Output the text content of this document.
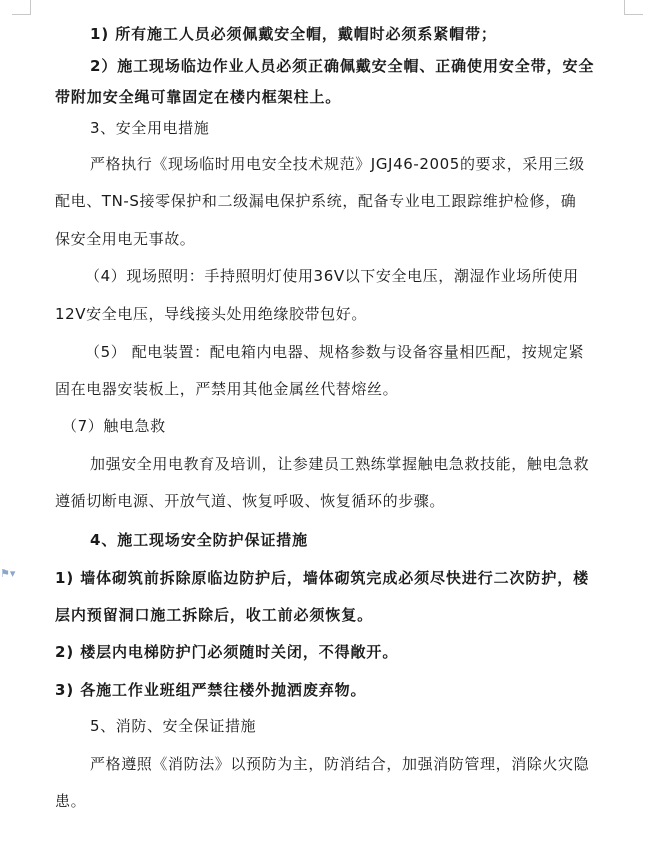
⚑▾
1) 所有施工人员必须佩戴安全帽，戴帽时必须系紧帽带；
2）施工现场临边作业人员必须正确佩戴安全帽、正确使用安全带，安全
带附加安全绳可靠固定在楼内框架柱上。
3、安全用电措施
严格执行《现场临时用电安全技术规范》JGJ46-2005的要求，采用三级
配电、TN-S接零保护和二级漏电保护系统，配备专业电工跟踪维护检修，确
保安全用电无事故。
（4）现场照明：手持照明灯使用36V以下安全电压，潮湿作业场所使用
12V安全电压，导线接头处用绝缘胶带包好。
（5） 配电装置：配电箱内电器、规格参数与设备容量相匹配，按规定紧
固在电器安装板上，严禁用其他金属丝代替熔丝。
（7）触电急救
加强安全用电教育及培训，让参建员工熟练掌握触电急救技能，触电急救
遵循切断电源、开放气道、恢复呼吸、恢复循环的步骤。
4、施工现场安全防护保证措施
1) 墙体砌筑前拆除原临边防护后，墙体砌筑完成必须尽快进行二次防护，楼
层内预留洞口施工拆除后，收工前必须恢复。
2) 楼层内电梯防护门必须随时关闭，不得敞开。
3) 各施工作业班组严禁往楼外抛洒废弃物。
5、消防、安全保证措施
严格遵照《消防法》以预防为主，防消结合，加强消防管理，消除火灾隐
患。
